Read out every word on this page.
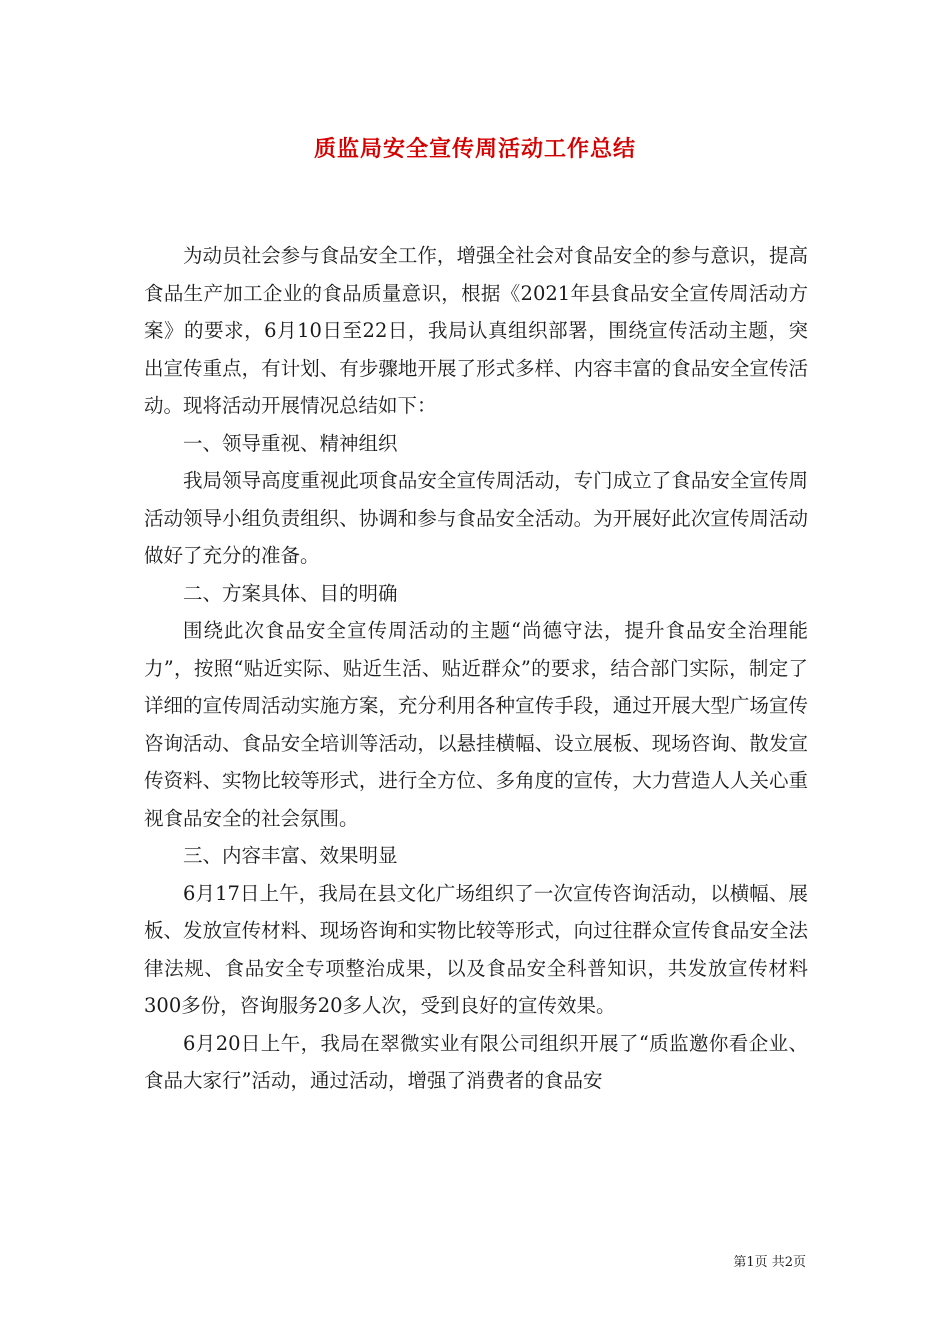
质监局安全宣传周活动工作总结

为动员社会参与食品安全工作，增强全社会对食品安全的参与意识，提高食品生产加工企业的食品质量意识，根据《2021年县食品安全宣传周活动方案》的要求，6月10日至22日，我局认真组织部署，围绕宣传活动主题，突出宣传重点，有计划、有步骤地开展了形式多样、内容丰富的食品安全宣传活动。现将活动开展情况总结如下：

一、领导重视、精神组织

我局领导高度重视此项食品安全宣传周活动，专门成立了食品安全宣传周活动领导小组负责组织、协调和参与食品安全活动。为开展好此次宣传周活动做好了充分的准备。

二、方案具体、目的明确

围绕此次食品安全宣传周活动的主题“尚德守法，提升食品安全治理能力”，按照“贴近实际、贴近生活、贴近群众”的要求，结合部门实际，制定了详细的宣传周活动实施方案，充分利用各种宣传手段，通过开展大型广场宣传咨询活动、食品安全培训等活动，以悬挂横幅、设立展板、现场咨询、散发宣传资料、实物比较等形式，进行全方位、多角度的宣传，大力营造人人关心重视食品安全的社会氛围。

三、内容丰富、效果明显

6月17日上午，我局在县文化广场组织了一次宣传咨询活动，以横幅、展板、发放宣传材料、现场咨询和实物比较等形式，向过往群众宣传食品安全法律法规、食品安全专项整治成果，以及食品安全科普知识，共发放宣传材料300多份，咨询服务20多人次，受到良好的宣传效果。

6月20日上午，我局在翠微实业有限公司组织开展了“质监邀你看企业、食品大家行”活动，通过活动，增强了消费者的食品安

第1页 共2页
